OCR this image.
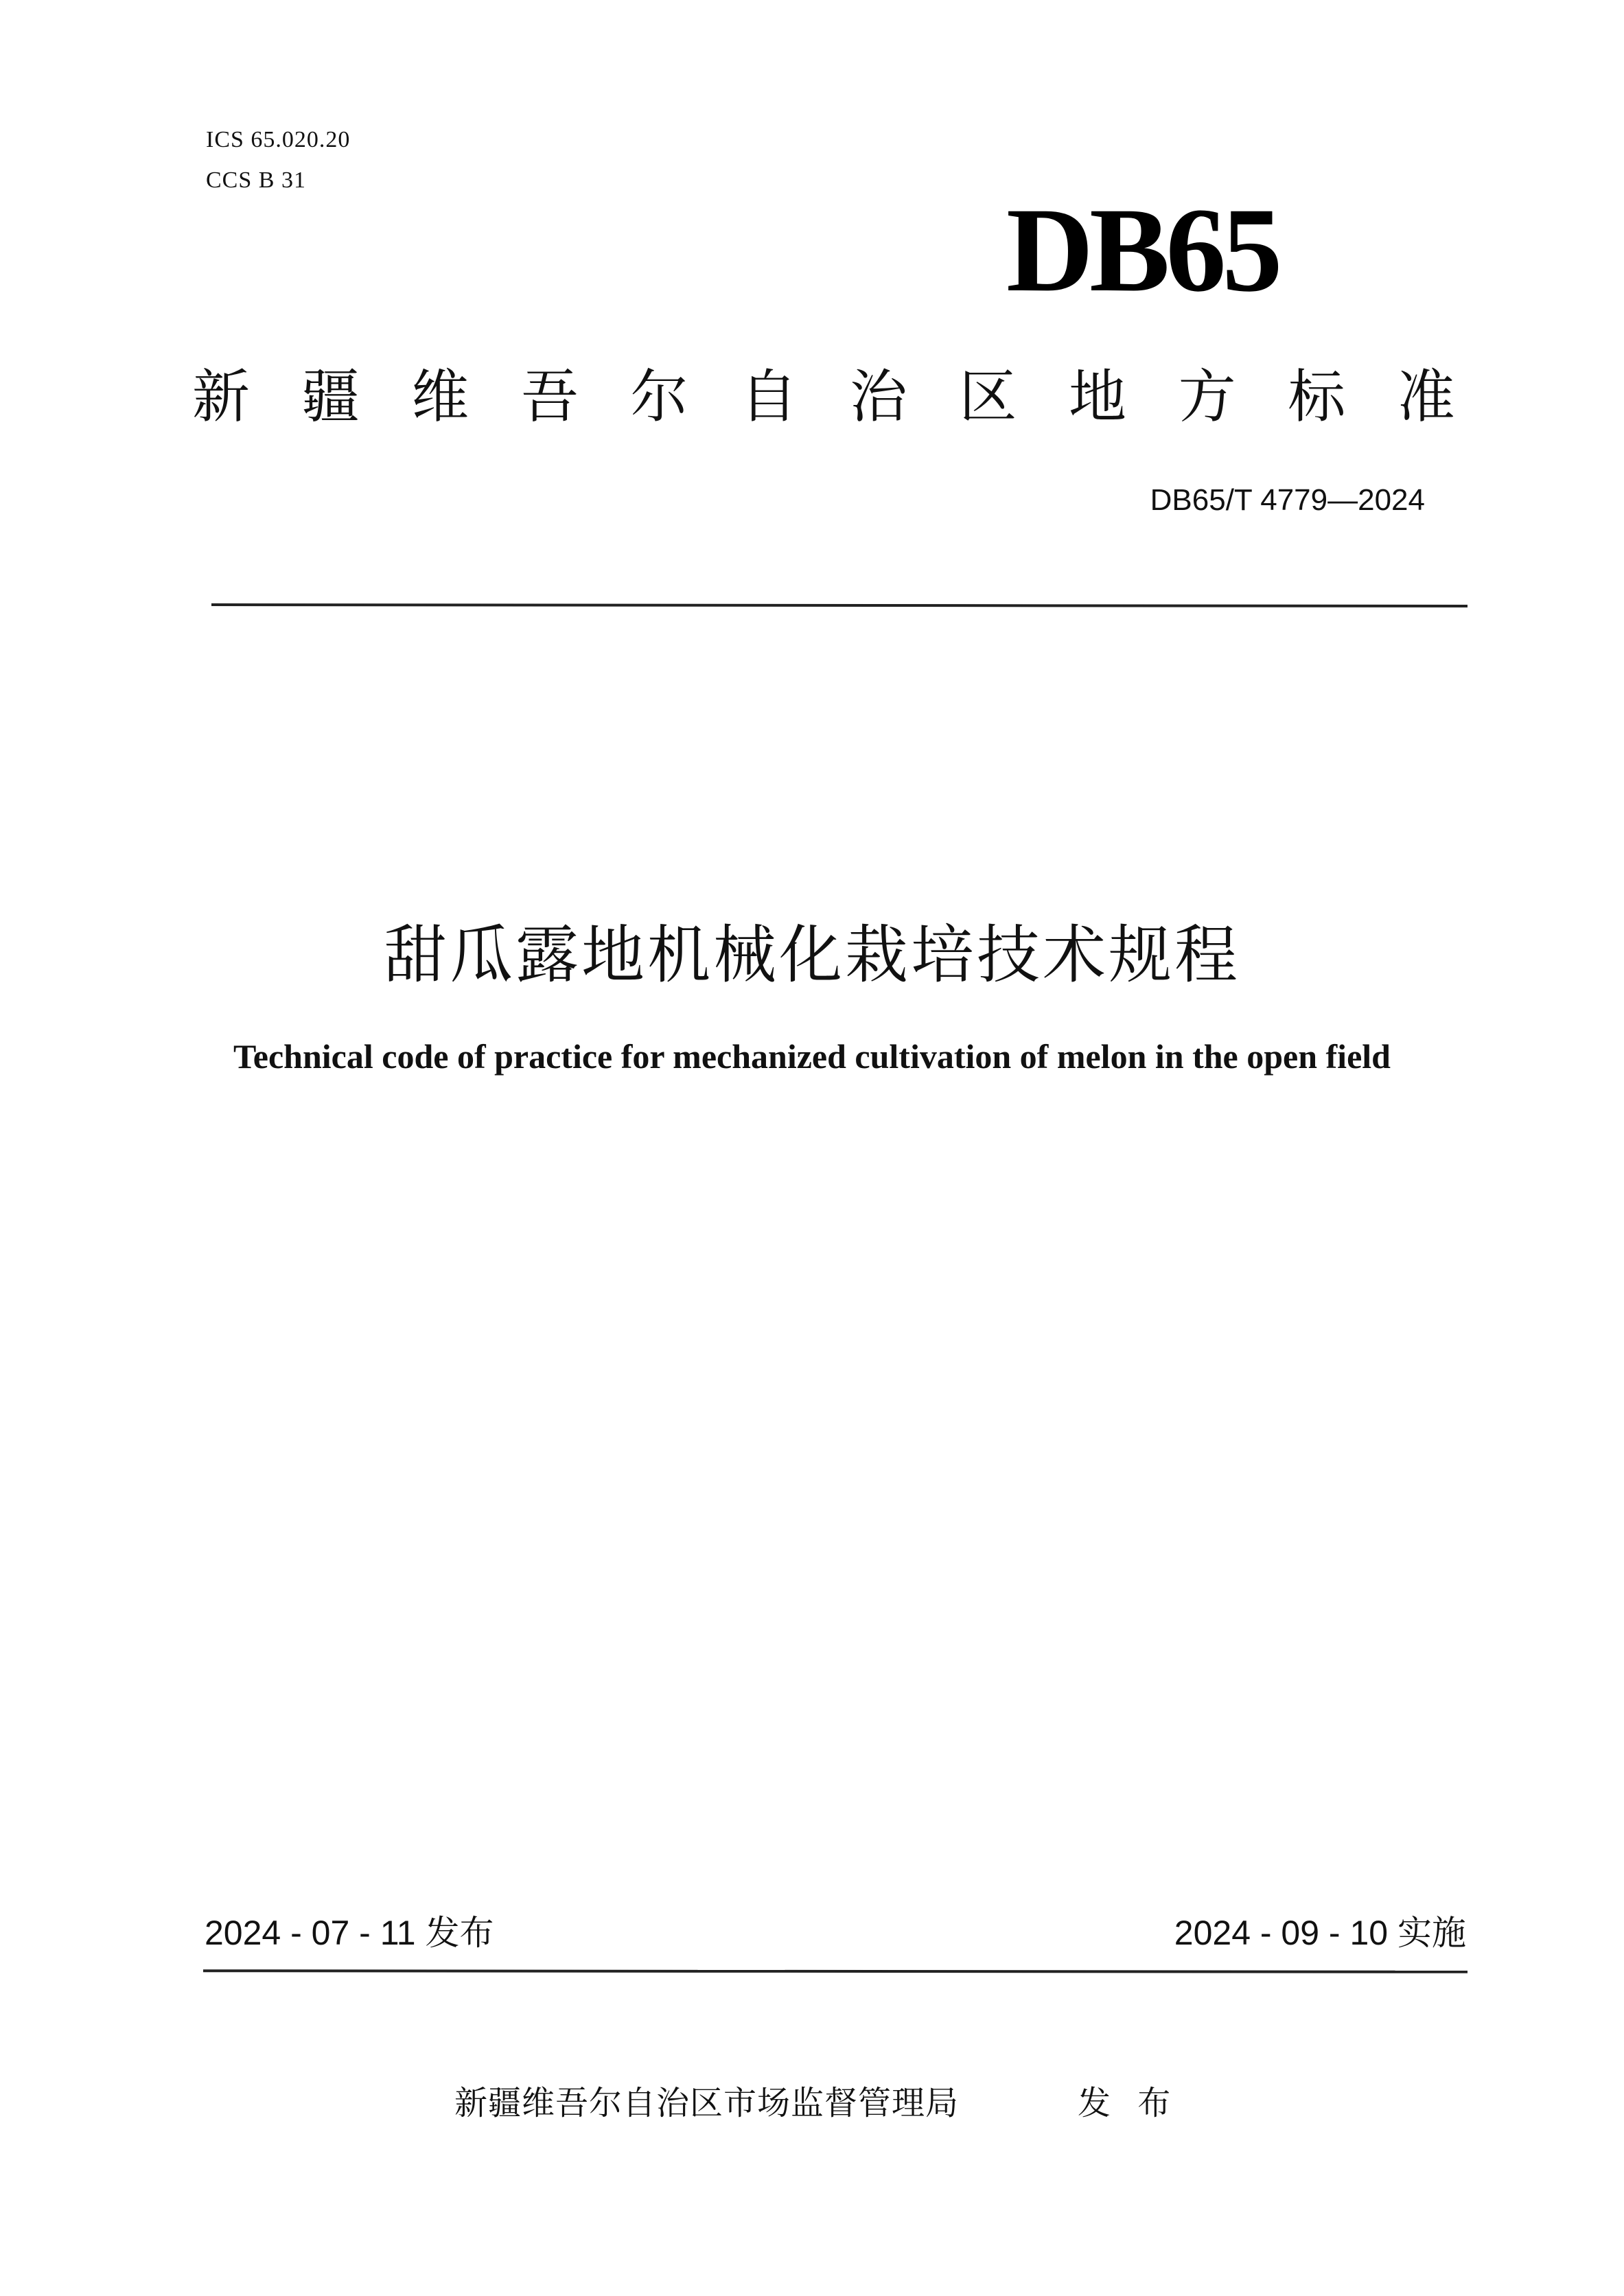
ICS 65.020.20
CCS B 31
DB65
新 疆 维 吾 尔 自 治 区 地 方 标 准
DB65/T 4779—2024
甜瓜露地机械化栽培技术规程
Technical code of practice for mechanized cultivation of melon in the open field
2024 - 07 - 11 发布	2024 - 09 - 10 实施
新疆维吾尔自治区市场监督管理局	发 布
